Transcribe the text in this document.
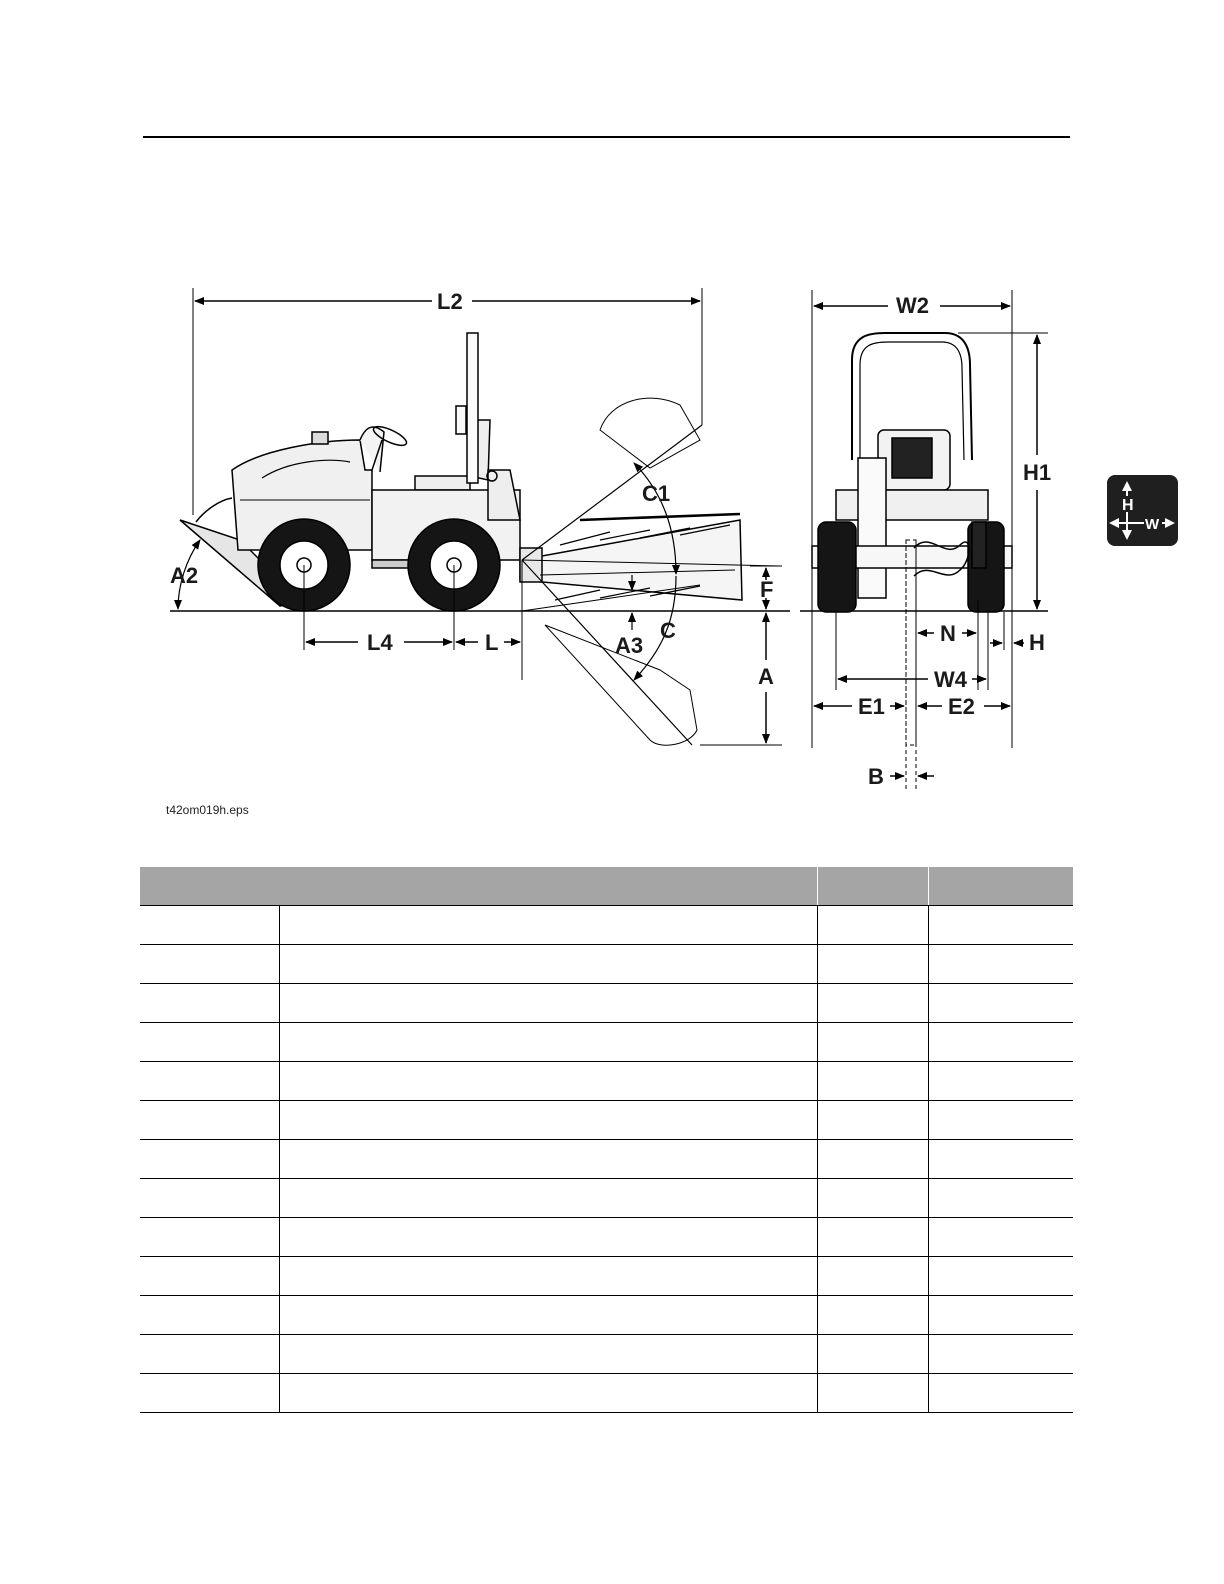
L2	W2
H1
C1
A2
F
C
A3
A
L4	L	N	H
W4
E1	E2
B
t42om019h.eps
H
W
